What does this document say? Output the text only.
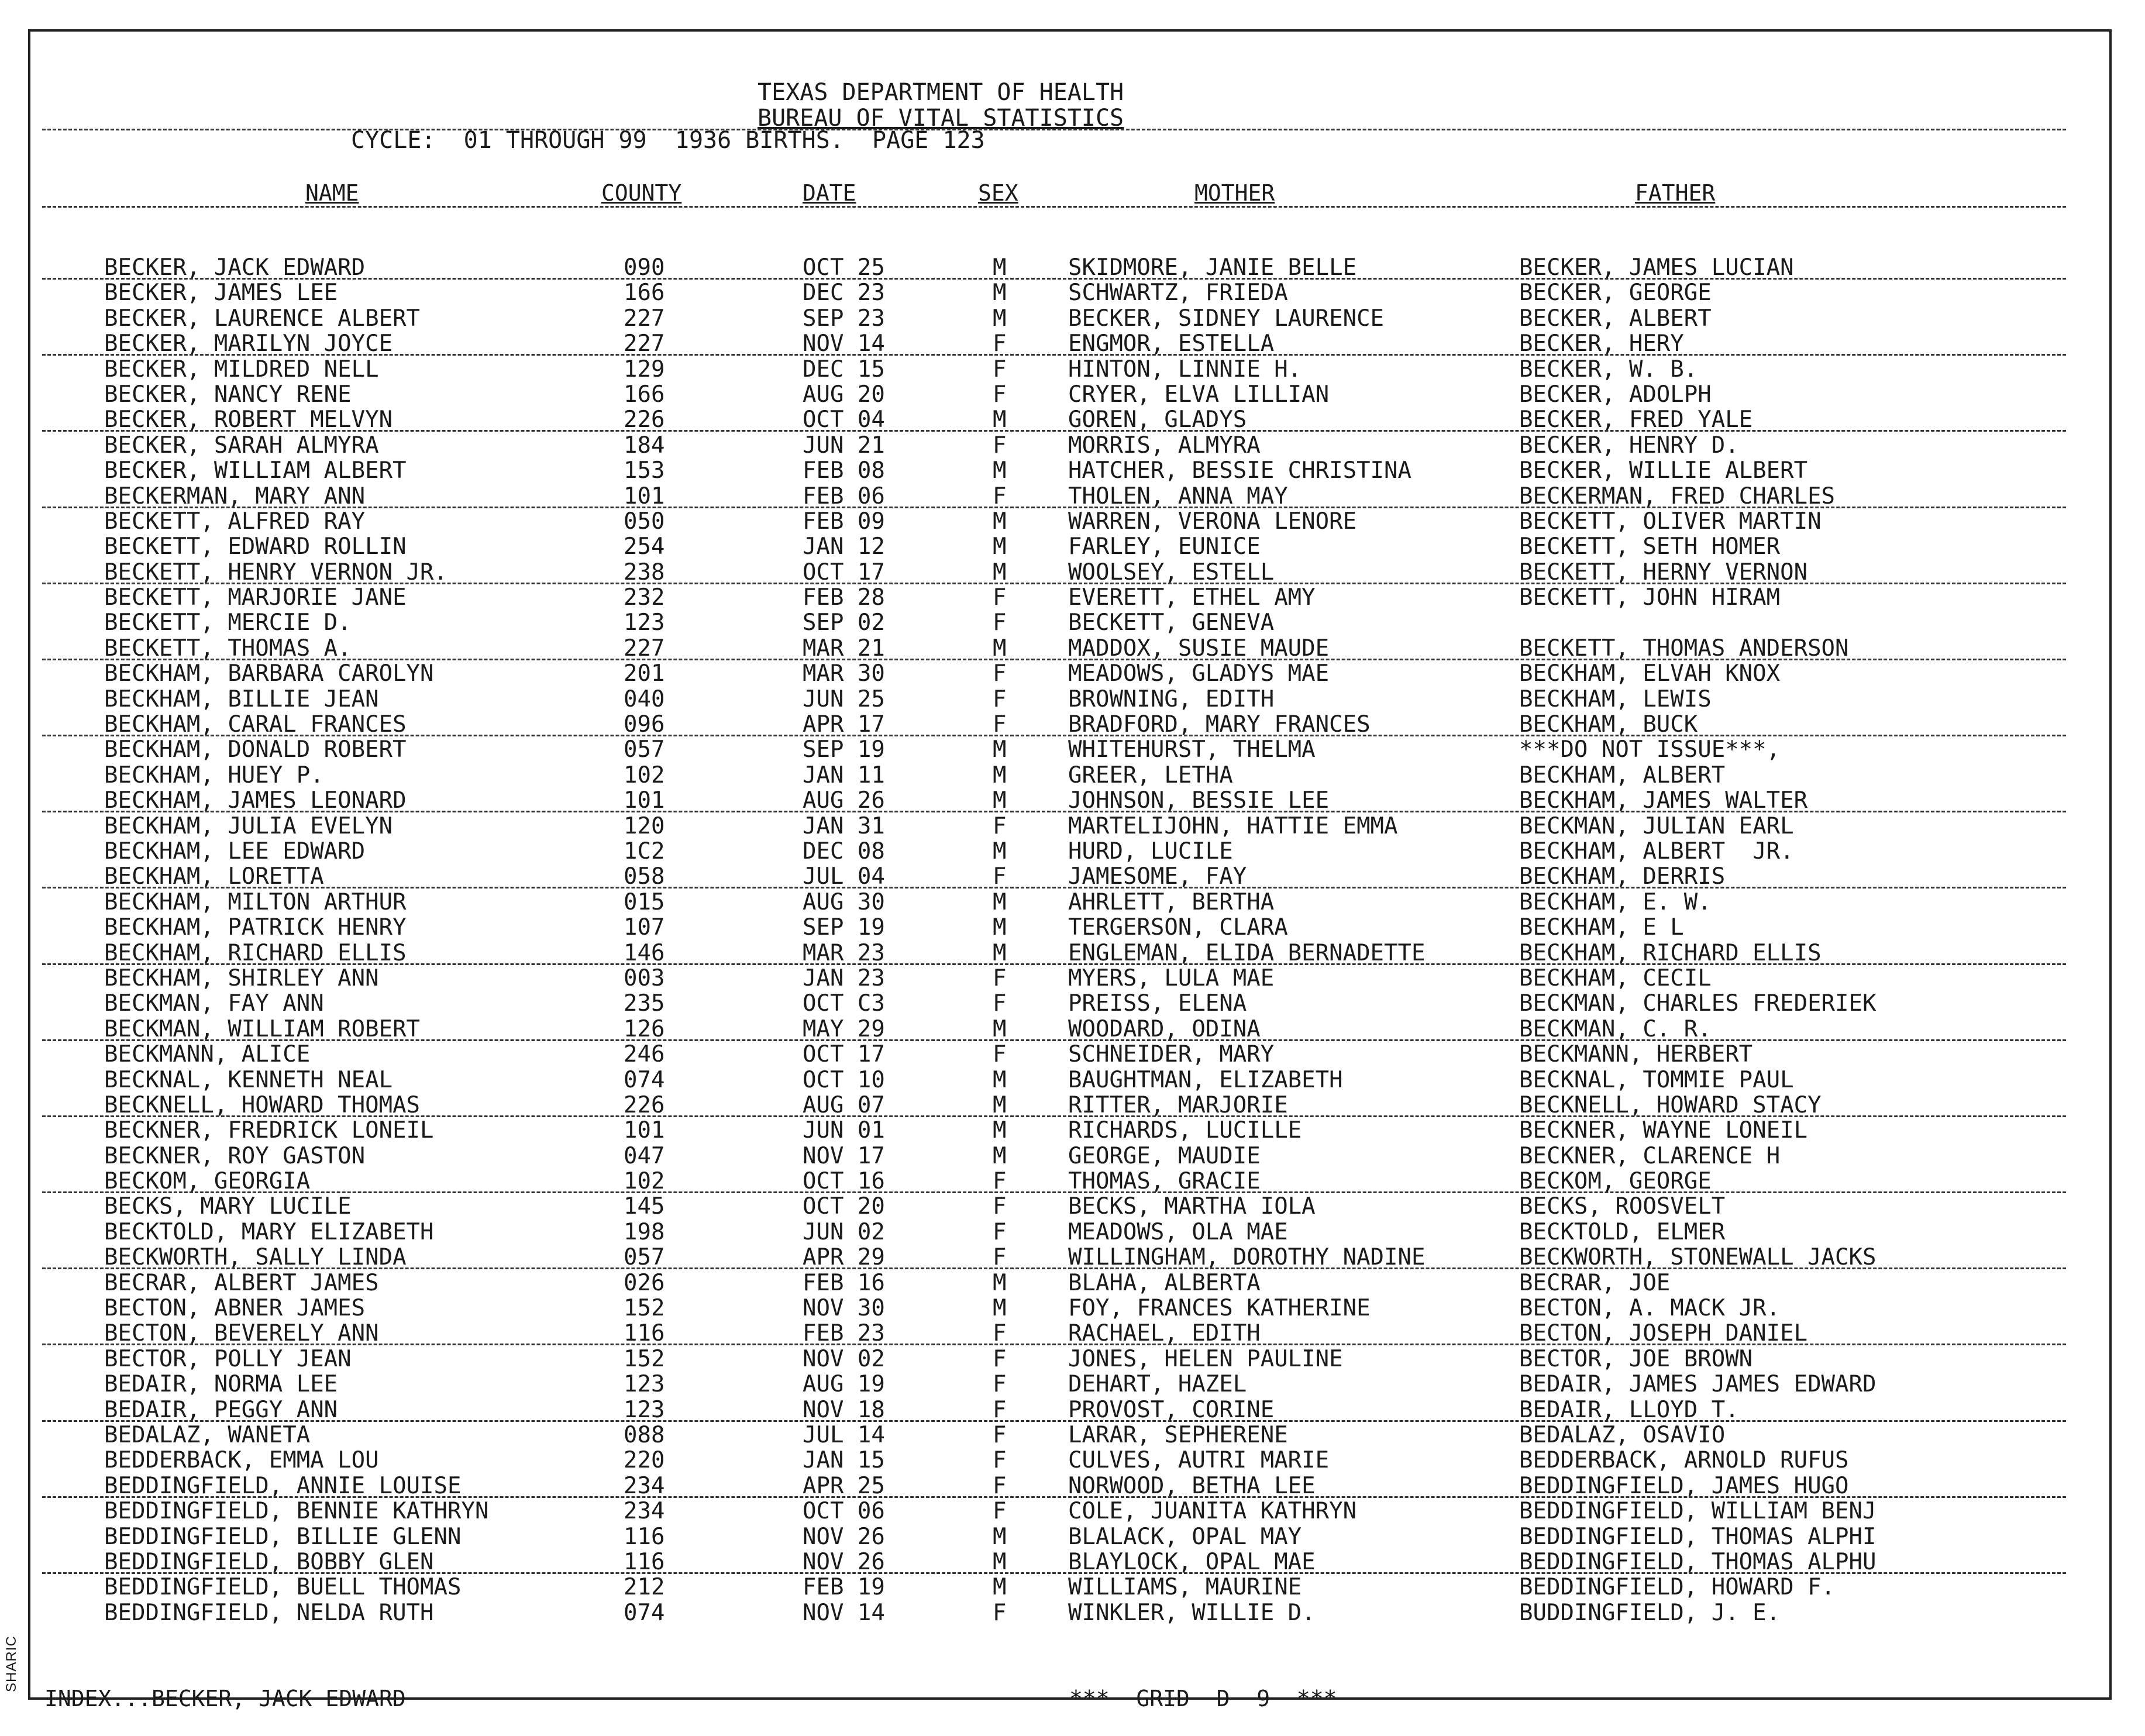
SHARIC
TEXAS DEPARTMENT OF HEALTH
BUREAU OF VITAL STATISTICS
CYCLE:  01 THROUGH 99  1936 BIRTHS.  PAGE 123
NAME	COUNTY	DATE	SEX	MOTHER	FATHER
BECKER, JACK EDWARD	090	OCT 25	M	SKIDMORE, JANIE BELLE	BECKER, JAMES LUCIAN
BECKER, JAMES LEE	166	DEC 23	M	SCHWARTZ, FRIEDA	BECKER, GEORGE
BECKER, LAURENCE ALBERT	227	SEP 23	M	BECKER, SIDNEY LAURENCE	BECKER, ALBERT
BECKER, MARILYN JOYCE	227	NOV 14	F	ENGMOR, ESTELLA	BECKER, HERY
BECKER, MILDRED NELL	129	DEC 15	F	HINTON, LINNIE H.	BECKER, W. B.
BECKER, NANCY RENE	166	AUG 20	F	CRYER, ELVA LILLIAN	BECKER, ADOLPH
BECKER, ROBERT MELVYN	226	OCT 04	M	GOREN, GLADYS	BECKER, FRED YALE
BECKER, SARAH ALMYRA	184	JUN 21	F	MORRIS, ALMYRA	BECKER, HENRY D.
BECKER, WILLIAM ALBERT	153	FEB 08	M	HATCHER, BESSIE CHRISTINA	BECKER, WILLIE ALBERT
BECKERMAN, MARY ANN	101	FEB 06	F	THOLEN, ANNA MAY	BECKERMAN, FRED CHARLES
BECKETT, ALFRED RAY	050	FEB 09	M	WARREN, VERONA LENORE	BECKETT, OLIVER MARTIN
BECKETT, EDWARD ROLLIN	254	JAN 12	M	FARLEY, EUNICE	BECKETT, SETH HOMER
BECKETT, HENRY VERNON JR.	238	OCT 17	M	WOOLSEY, ESTELL	BECKETT, HERNY VERNON
BECKETT, MARJORIE JANE	232	FEB 28	F	EVERETT, ETHEL AMY	BECKETT, JOHN HIRAM
BECKETT, MERCIE D.	123	SEP 02	F	BECKETT, GENEVA
BECKETT, THOMAS A.	227	MAR 21	M	MADDOX, SUSIE MAUDE	BECKETT, THOMAS ANDERSON
BECKHAM, BARBARA CAROLYN	201	MAR 30	F	MEADOWS, GLADYS MAE	BECKHAM, ELVAH KNOX
BECKHAM, BILLIE JEAN	040	JUN 25	F	BROWNING, EDITH	BECKHAM, LEWIS
BECKHAM, CARAL FRANCES	096	APR 17	F	BRADFORD, MARY FRANCES	BECKHAM, BUCK
BECKHAM, DONALD ROBERT	057	SEP 19	M	WHITEHURST, THELMA	***DO NOT ISSUE***,
BECKHAM, HUEY P.	102	JAN 11	M	GREER, LETHA	BECKHAM, ALBERT
BECKHAM, JAMES LEONARD	101	AUG 26	M	JOHNSON, BESSIE LEE	BECKHAM, JAMES WALTER
BECKHAM, JULIA EVELYN	120	JAN 31	F	MARTELIJOHN, HATTIE EMMA	BECKMAN, JULIAN EARL
BECKHAM, LEE EDWARD	1C2	DEC 08	M	HURD, LUCILE	BECKHAM, ALBERT  JR.
BECKHAM, LORETTA	058	JUL 04	F	JAMESOME, FAY	BECKHAM, DERRIS
BECKHAM, MILTON ARTHUR	015	AUG 30	M	AHRLETT, BERTHA	BECKHAM, E. W.
BECKHAM, PATRICK HENRY	107	SEP 19	M	TERGERSON, CLARA	BECKHAM, E L
BECKHAM, RICHARD ELLIS	146	MAR 23	M	ENGLEMAN, ELIDA BERNADETTE	BECKHAM, RICHARD ELLIS
BECKHAM, SHIRLEY ANN	003	JAN 23	F	MYERS, LULA MAE	BECKHAM, CECIL
BECKMAN, FAY ANN	235	OCT C3	F	PREISS, ELENA	BECKMAN, CHARLES FREDERIEK
BECKMAN, WILLIAM ROBERT	126	MAY 29	M	WOODARD, ODINA	BECKMAN, C. R.
BECKMANN, ALICE	246	OCT 17	F	SCHNEIDER, MARY	BECKMANN, HERBERT
BECKNAL, KENNETH NEAL	074	OCT 10	M	BAUGHTMAN, ELIZABETH	BECKNAL, TOMMIE PAUL
BECKNELL, HOWARD THOMAS	226	AUG 07	M	RITTER, MARJORIE	BECKNELL, HOWARD STACY
BECKNER, FREDRICK LONEIL	101	JUN 01	M	RICHARDS, LUCILLE	BECKNER, WAYNE LONEIL
BECKNER, ROY GASTON	047	NOV 17	M	GEORGE, MAUDIE	BECKNER, CLARENCE H
BECKOM, GEORGIA	102	OCT 16	F	THOMAS, GRACIE	BECKOM, GEORGE
BECKS, MARY LUCILE	145	OCT 20	F	BECKS, MARTHA IOLA	BECKS, ROOSVELT
BECKTOLD, MARY ELIZABETH	198	JUN 02	F	MEADOWS, OLA MAE	BECKTOLD, ELMER
BECKWORTH, SALLY LINDA	057	APR 29	F	WILLINGHAM, DOROTHY NADINE	BECKWORTH, STONEWALL JACKS
BECRAR, ALBERT JAMES	026	FEB 16	M	BLAHA, ALBERTA	BECRAR, JOE
BECTON, ABNER JAMES	152	NOV 30	M	FOY, FRANCES KATHERINE	BECTON, A. MACK JR.
BECTON, BEVERELY ANN	116	FEB 23	F	RACHAEL, EDITH	BECTON, JOSEPH DANIEL
BECTOR, POLLY JEAN	152	NOV 02	F	JONES, HELEN PAULINE	BECTOR, JOE BROWN
BEDAIR, NORMA LEE	123	AUG 19	F	DEHART, HAZEL	BEDAIR, JAMES JAMES EDWARD
BEDAIR, PEGGY ANN	123	NOV 18	F	PROVOST, CORINE	BEDAIR, LLOYD T.
BEDALAZ, WANETA	088	JUL 14	F	LARAR, SEPHERENE	BEDALAZ, OSAVIO
BEDDERBACK, EMMA LOU	220	JAN 15	F	CULVES, AUTRI MARIE	BEDDERBACK, ARNOLD RUFUS
BEDDINGFIELD, ANNIE LOUISE	234	APR 25	F	NORWOOD, BETHA LEE	BEDDINGFIELD, JAMES HUGO
BEDDINGFIELD, BENNIE KATHRYN	234	OCT 06	F	COLE, JUANITA KATHRYN	BEDDINGFIELD, WILLIAM BENJ
BEDDINGFIELD, BILLIE GLENN	116	NOV 26	M	BLALACK, OPAL MAY	BEDDINGFIELD, THOMAS ALPHI
BEDDINGFIELD, BOBBY GLEN	116	NOV 26	M	BLAYLOCK, OPAL MAE	BEDDINGFIELD, THOMAS ALPHU
BEDDINGFIELD, BUELL THOMAS	212	FEB 19	M	WILLIAMS, MAURINE	BEDDINGFIELD, HOWARD F.
BEDDINGFIELD, NELDA RUTH	074	NOV 14	F	WINKLER, WILLIE D.	BUDDINGFIELD, J. E.
INDEX...BECKER, JACK EDWARD	***  GRID  D  9  ***
